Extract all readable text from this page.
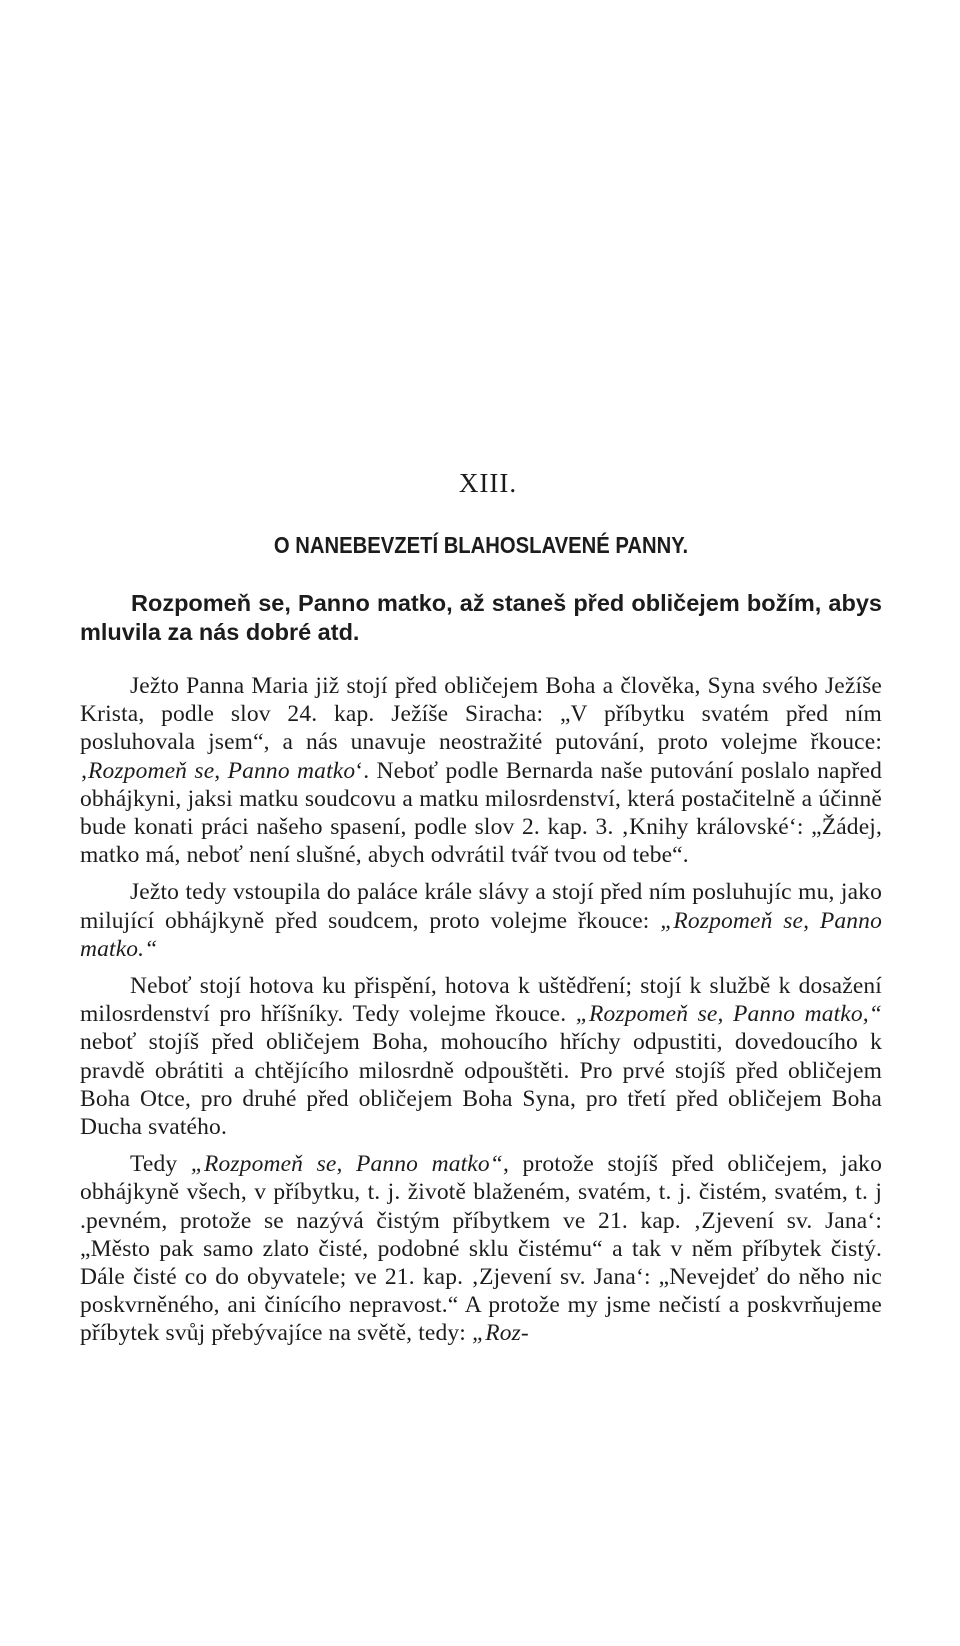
XIII.
O NANEBEVZETÍ BLAHOSLAVENÉ PANNY.

Rozpomeň se, Panno matko, až staneš před obličejem božím, abys mluvila za nás dobré atd.

Ježto Panna Maria již stojí před obličejem Boha a člověka, Syna svého Ježíše Krista, podle slov 24. kap. Ježíše Siracha: „V příbytku svatém před ním posluhovala jsem“, a nás unavuje neostražité putování, proto volejme řkouce: ‚Rozpomeň se, Panno matko‘. Neboť podle Bernarda naše putování poslalo napřed obhájkyni, jaksi matku soudcovu a matku milosrdenství, která postačitelně a účinně bude konati práci našeho spasení, podle slov 2. kap. 3. ‚Knihy královské‘: „Žádej, matko má, neboť není slušné, abych odvrátil tvář tvou od tebe“.

Ježto tedy vstoupila do paláce krále slávy a stojí před ním posluhujíc mu, jako milující obhájkyně před soudcem, proto volejme řkouce: „Rozpomeň se, Panno matko.“

Neboť stojí hotova ku přispění, hotova k uštědření; stojí k službě k dosažení milosrdenství pro hříšníky. Tedy volejme řkouce. „Rozpomeň se, Panno matko,“ neboť stojíš před obličejem Boha, mohoucího hříchy odpustiti, dovedoucího k pravdě obrátiti a chtějícího milosrdně odpouštěti. Pro prvé stojíš před obličejem Boha Otce, pro druhé před obličejem Boha Syna, pro třetí před obličejem Boha Ducha svatého.

Tedy „Rozpomeň se, Panno matko“, protože stojíš před obličejem, jako obhájkyně všech, v příbytku, t. j. životě blaženém, svatém, t. j. čistém, svatém, t. j .pevném, protože se nazývá čistým příbytkem ve 21. kap. ‚Zjevení sv. Jana‘: „Město pak samo zlato čisté, podobné sklu čistému“ a tak v něm příbytek čistý. Dále čisté co do obyvatele; ve 21. kap. ‚Zjevení sv. Jana‘: „Nevejdeť do něho nic poskvrněného, ani činícího nepravost.“ A protože my jsme nečistí a poskvrňujeme příbytek svůj přebývajíce na světě, tedy: „Roz-
